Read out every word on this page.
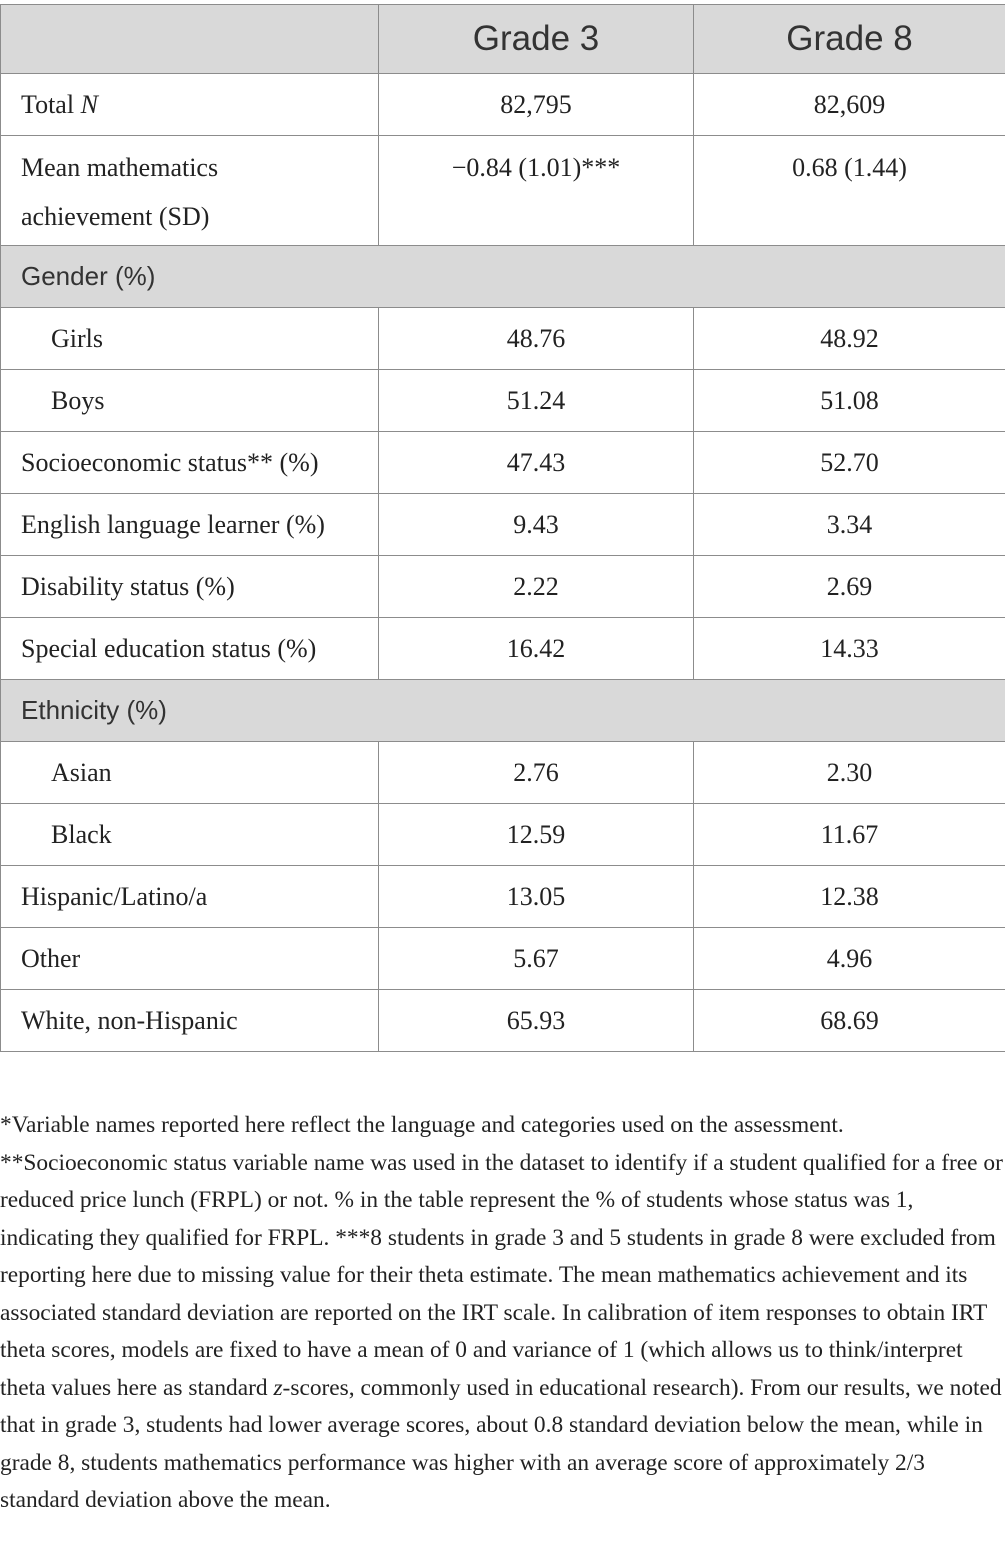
	Grade 3	Grade 8
Total N	82,795	82,609
Mean mathematics
achievement (SD)	−0.84 (1.01)***	0.68 (1.44)
Gender (%)		
Girls	48.76	48.92
Boys	51.24	51.08
Socioeconomic status** (%)	47.43	52.70
English language learner (%)	9.43	3.34
Disability status (%)	2.22	2.69
Special education status (%)	16.42	14.33
Ethnicity (%)		
Asian	2.76	2.30
Black	12.59	11.67
Hispanic/Latino/a	13.05	12.38
Other	5.67	4.96
White, non-Hispanic	65.93	68.69

*Variable names reported here reflect the language and categories used on the assessment. **Socioeconomic status variable name was used in the dataset to identify if a student qualified for a free or reduced price lunch (FRPL) or not. % in the table represent the % of students whose status was 1, indicating they qualified for FRPL. ***8 students in grade 3 and 5 students in grade 8 were excluded from reporting here due to missing value for their theta estimate. The mean mathematics achievement and its associated standard deviation are reported on the IRT scale. In calibration of item responses to obtain IRT theta scores, models are fixed to have a mean of 0 and variance of 1 (which allows us to think/interpret theta values here as standard z-scores, commonly used in educational research). From our results, we noted that in grade 3, students had lower average scores, about 0.8 standard deviation below the mean, while in grade 8, students mathematics performance was higher with an average score of approximately 2/3 standard deviation above the mean.
